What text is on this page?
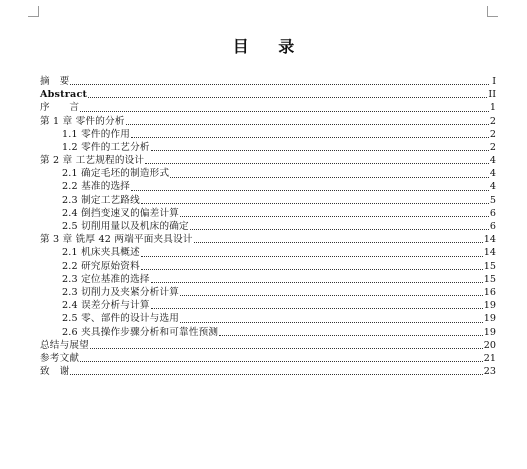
目 录
摘　要	I
Abstract	II
序　　言	1
第 1 章 零件的分析	2
1.1 零件的作用	2
1.2 零件的工艺分析	2
第 2 章 工艺规程的设计	4
2.1 确定毛坯的制造形式	4
2.2 基准的选择	4
2.3 制定工艺路线	5
2.4 倒挡变速叉的偏差计算	6
2.5 切削用量以及机床的确定	6
第 3 章 铣厚 42 两端平面夹具设计	14
2.1 机床夹具概述	14
2.2 研究原始资料	15
2.3 定位基准的选择	15
2.3 切削力及夹紧分析计算	16
2.4 误差分析与计算	19
2.5 零、部件的设计与选用	19
2.6 夹具操作步骤分析和可靠性预测	19
总结与展望	20
参考文献	21
致　谢	23
